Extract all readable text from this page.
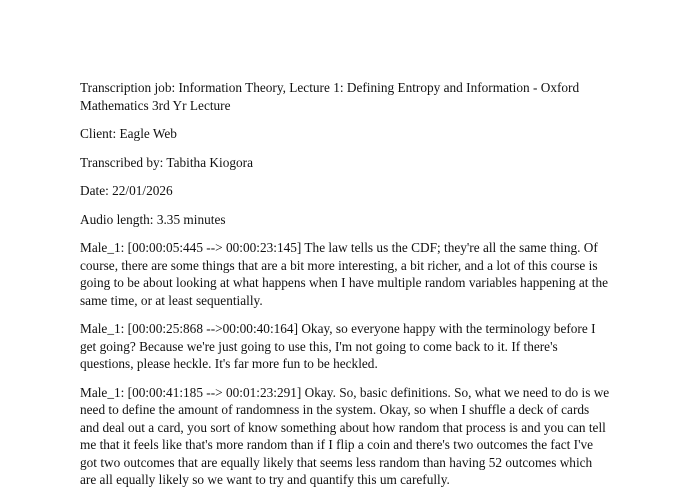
Transcription job: Information Theory, Lecture 1: Defining Entropy and Information - Oxford Mathematics 3rd Yr Lecture

Client: Eagle Web

Transcribed by: Tabitha Kiogora

Date: 22/01/2026

Audio length: 3.35 minutes

Male_1: [00:00:05:445 --> 00:00:23:145] The law tells us the CDF; they're all the same thing. Of course, there are some things that are a bit more interesting, a bit richer, and a lot of this course is going to be about looking at what happens when I have multiple random variables happening at the same time, or at least sequentially.

Male_1: [00:00:25:868 -->00:00:40:164] Okay, so everyone happy with the terminology before I get going? Because we're just going to use this, I'm not going to come back to it. If there's questions, please heckle. It's far more fun to be heckled.

Male_1: [00:00:41:185 --> 00:01:23:291] Okay. So, basic definitions. So, what we need to do is we need to define the amount of randomness in the system. Okay, so when I shuffle a deck of cards and deal out a card, you sort of know something about how random that process is and you can tell me that it feels like that's more random than if I flip a coin and there's two outcomes the fact I've got two outcomes that are equally likely that seems less random than having 52 outcomes which are all equally likely so we want to try and quantify this um carefully.
